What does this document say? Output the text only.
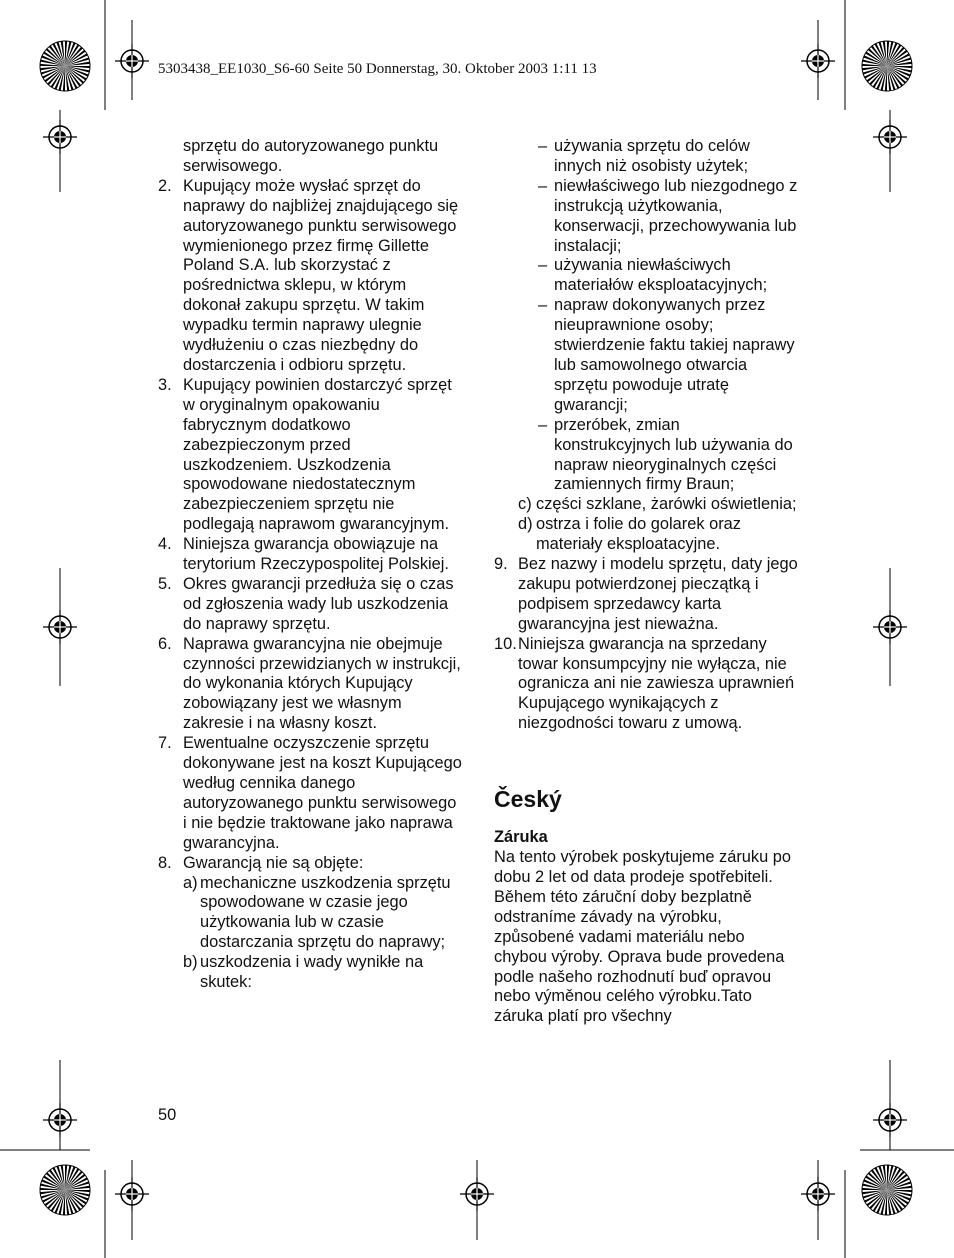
5303438_EE1030_S6-60 Seite 50 Donnerstag, 30. Oktober 2003 1:11 13
sprzętu do autoryzowanego punktu serwisowego.
2. Kupujący może wysłać sprzęt do naprawy do najbliżej znajdującego się autoryzowanego punktu serwisowego wymienionego przez firmę Gillette Poland S.A. lub skorzystać z pośrednictwa sklepu, w którym dokonał zakupu sprzętu. W takim wypadku termin naprawy ulegnie wydłużeniu o czas niezbędny do dostarczenia i odbioru sprzętu.
3. Kupujący powinien dostarczyć sprzęt w oryginalnym opakowaniu fabrycznym dodatkowo zabezpieczonym przed uszkodzeniem. Uszkodzenia spowodowane niedostatecznym zabezpieczeniem sprzętu nie podlegają naprawom gwarancyjnym.
4. Niniejsza gwarancja obowiązuje na terytorium Rzeczypospolitej Polskiej.
5. Okres gwarancji przedłuża się o czas od zgłoszenia wady lub uszkodzenia do naprawy sprzętu.
6. Naprawa gwarancyjna nie obejmuje czynności przewidzianych w instrukcji, do wykonania których Kupujący zobowiązany jest we własnym zakresie i na własny koszt.
7. Ewentualne oczyszczenie sprzętu dokonywane jest na koszt Kupującego według cennika danego autoryzowanego punktu serwisowego i nie będzie traktowane jako naprawa gwarancyjna.
8. Gwarancją nie są objęte:
a) mechaniczne uszkodzenia sprzętu spowodowane w czasie jego użytkowania lub w czasie dostarczania sprzętu do naprawy;
b) uszkodzenia i wady wynikłe na skutek:
– używania sprzętu do celów innych niż osobisty użytek;
– niewłaściwego lub niezgodnego z instrukcją użytkowania, konserwacji, przechowywania lub instalacji;
– używania niewłaściwych materiałów eksploatacyjnych;
– napraw dokonywanych przez nieuprawnione osoby; stwierdzenie faktu takiej naprawy lub samowolnego otwarcia sprzętu powoduje utratę gwarancji;
– przeróbek, zmian konstrukcyjnych lub używania do napraw nieoryginalnych części zamiennych firmy Braun;
c) części szklane, żarówki oświetlenia;
d) ostrza i folie do golarek oraz materiały eksploatacyjne.
9. Bez nazwy i modelu sprzętu, daty jego zakupu potwierdzonej pieczątką i podpisem sprzedawcy karta gwarancyjna jest nieważna.
10. Niniejsza gwarancja na sprzedany towar konsumpcyjny nie wyłącza, nie ogranicza ani nie zawiesza uprawnień Kupującego wynikających z niezgodności towaru z umową.
Český
Záruka
Na tento výrobek poskytujeme záruku po dobu 2 let od data prodeje spotřebiteli. Během této záruční doby bezplatně odstraníme závady na výrobku, způsobené vadami materiálu nebo chybou výroby. Oprava bude provedena podle našeho rozhodnutí buď opravou nebo výměnou celého výrobku.Tato záruka platí pro všechny
50
